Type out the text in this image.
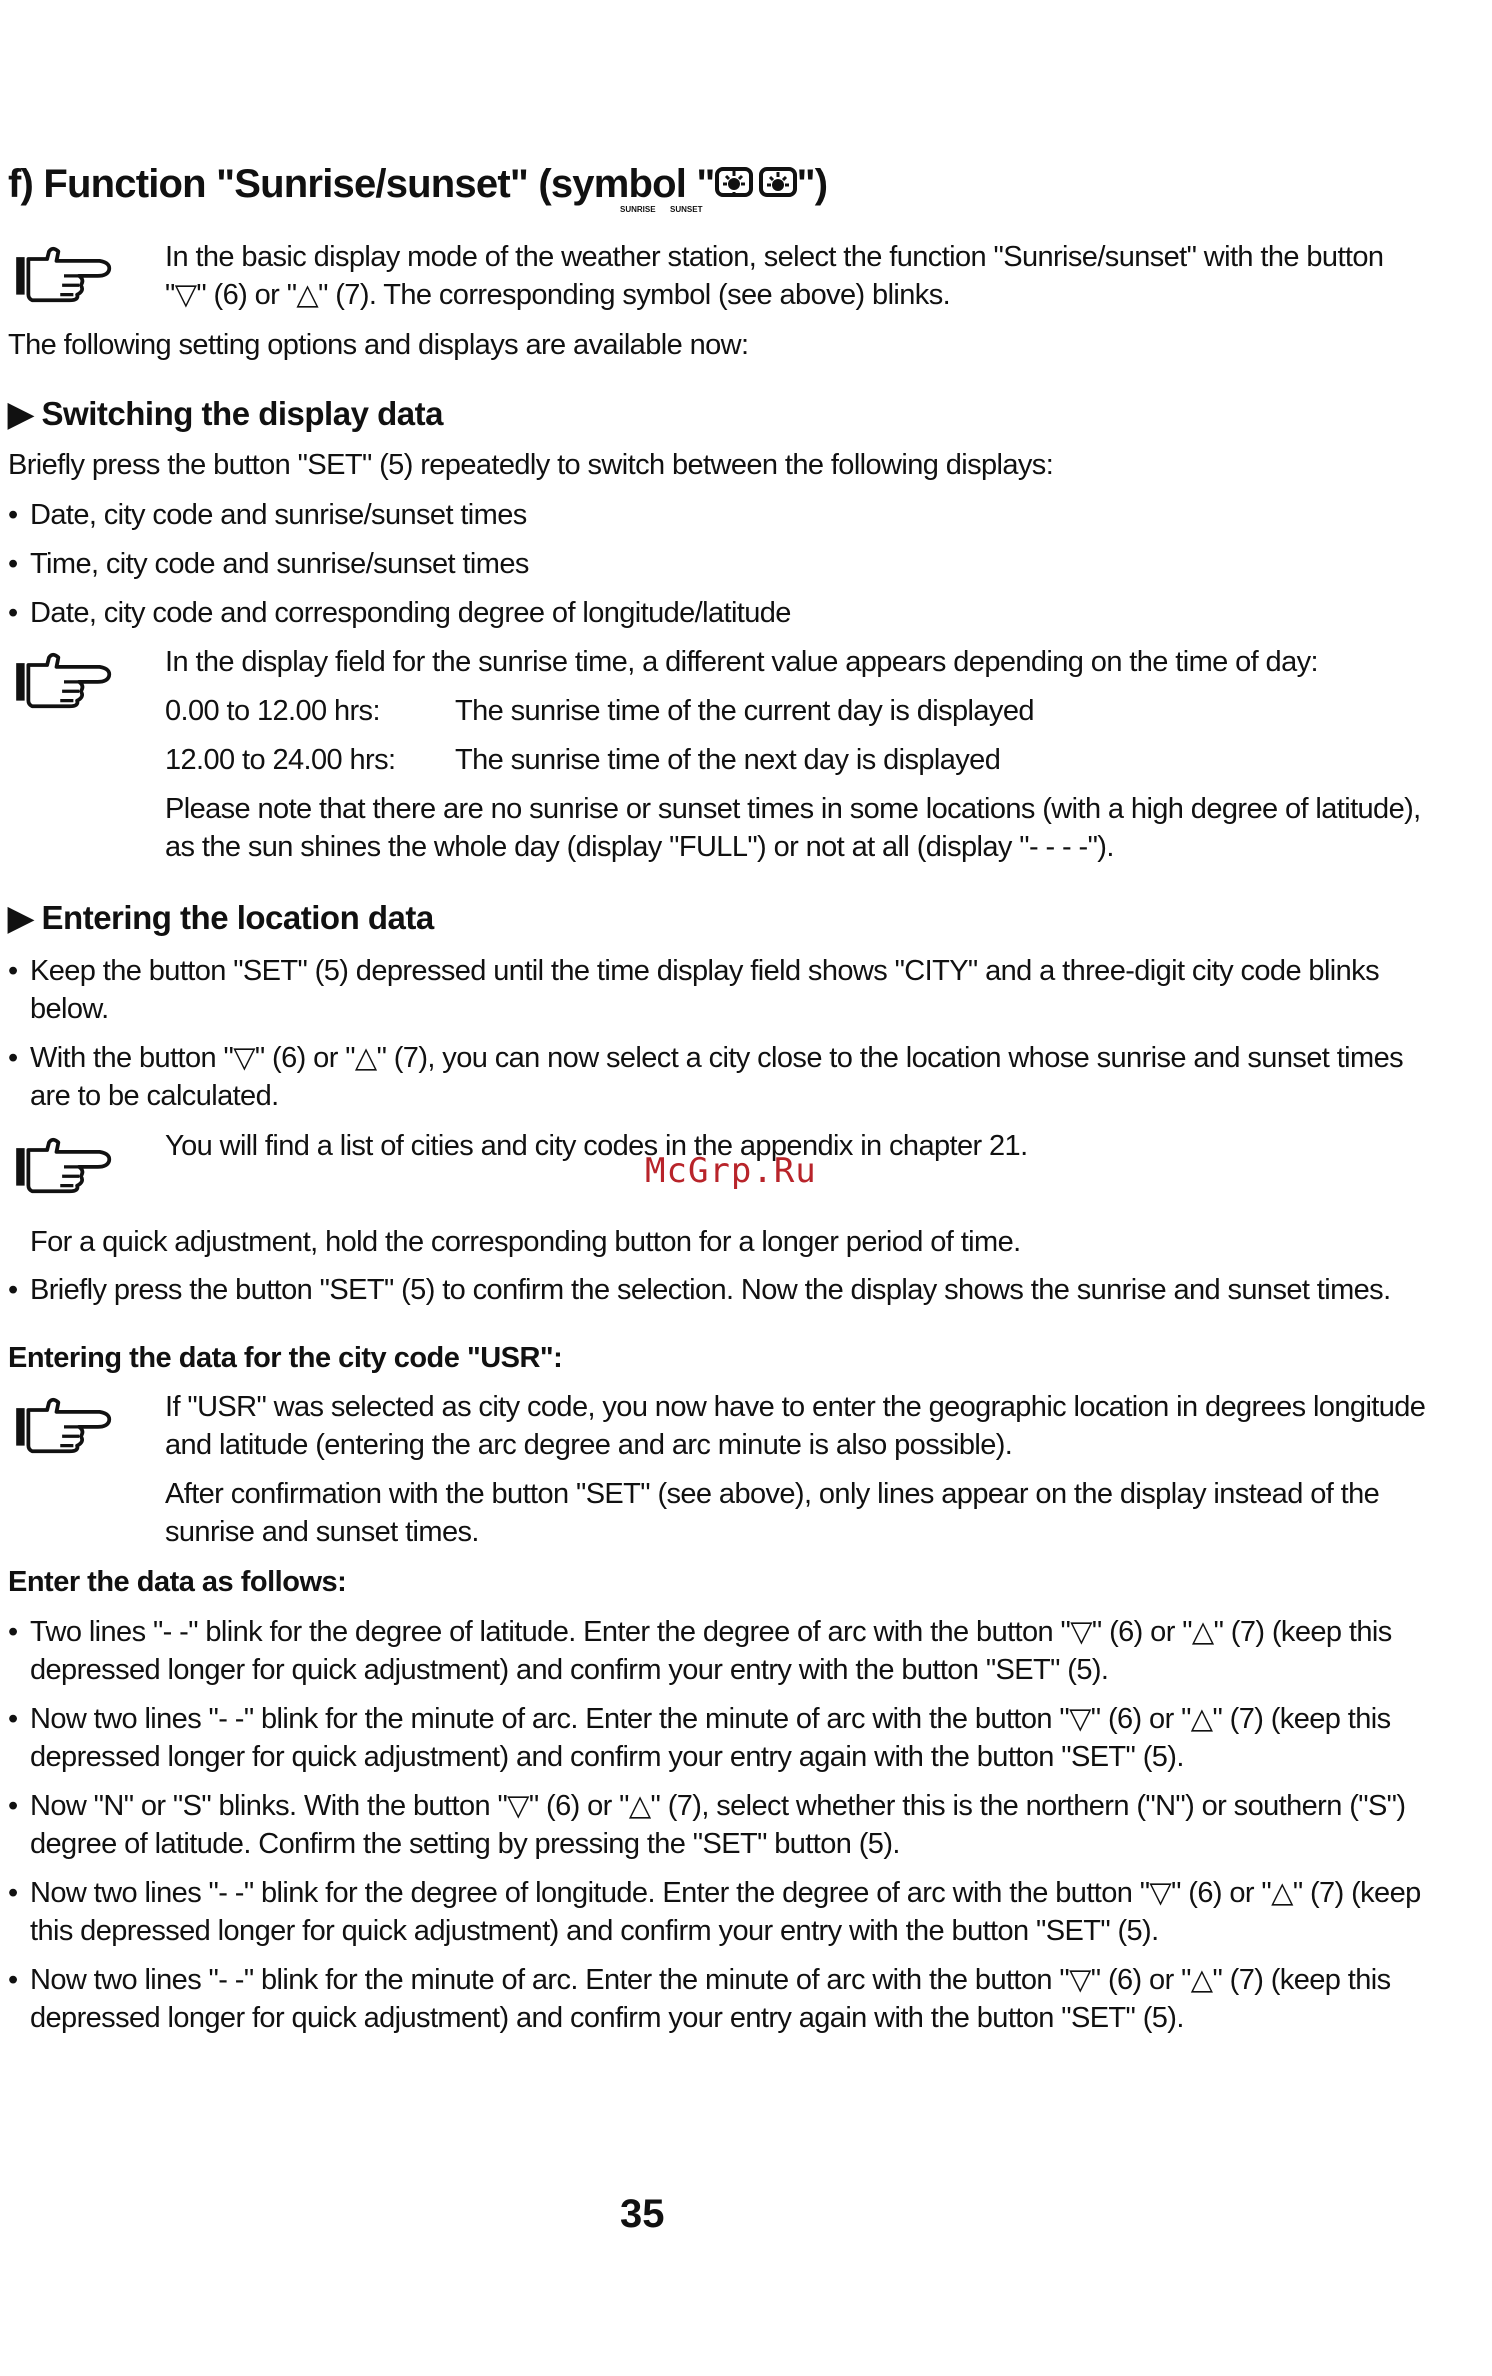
f) Function "Sunrise/sunset" (symbol " ")
SUNRISE SUNSET
In the basic display mode of the weather station, select the function "Sunrise/sunset" with the button
"▽" (6) or "△" (7). The corresponding symbol (see above) blinks.
The following setting options and displays are available now:
▶ Switching the display data
Briefly press the button "SET" (5) repeatedly to switch between the following displays:
• Date, city code and sunrise/sunset times
• Time, city code and sunrise/sunset times
• Date, city code and corresponding degree of longitude/latitude
In the display field for the sunrise time, a different value appears depending on the time of day:
0.00 to 12.00 hrs:	The sunrise time of the current day is displayed
12.00 to 24.00 hrs: The sunrise time of the next day is displayed
Please note that there are no sunrise or sunset times in some locations (with a high degree of latitude),
as the sun shines the whole day (display "FULL") or not at all (display "- - - -").
▶ Entering the location data
• Keep the button "SET" (5) depressed until the time display field shows "CITY" and a three-digit city code blinks
below.
• With the button "▽" (6) or "△" (7), you can now select a city close to the location whose sunrise and sunset times
are to be calculated.
You will find a list of cities and city codes in the appendix in chapter 21.
McGrp.Ru
For a quick adjustment, hold the corresponding button for a longer period of time.
• Briefly press the button "SET" (5) to confirm the selection. Now the display shows the sunrise and sunset times.
Entering the data for the city code "USR":
If "USR" was selected as city code, you now have to enter the geographic location in degrees longitude
and latitude (entering the arc degree and arc minute is also possible).
After confirmation with the button "SET" (see above), only lines appear on the display instead of the
sunrise and sunset times.
Enter the data as follows:
• Two lines "- -" blink for the degree of latitude. Enter the degree of arc with the button "▽" (6) or "△" (7) (keep this
depressed longer for quick adjustment) and confirm your entry with the button "SET" (5).
• Now two lines "- -" blink for the minute of arc. Enter the minute of arc with the button "▽" (6) or "△" (7) (keep this
depressed longer for quick adjustment) and confirm your entry again with the button "SET" (5).
• Now "N" or "S" blinks. With the button "▽" (6) or "△" (7), select whether this is the northern ("N") or southern ("S")
degree of latitude. Confirm the setting by pressing the "SET" button (5).
• Now two lines "- -" blink for the degree of longitude. Enter the degree of arc with the button "▽" (6) or "△" (7) (keep
this depressed longer for quick adjustment) and confirm your entry with the button "SET" (5).
• Now two lines "- -" blink for the minute of arc. Enter the minute of arc with the button "▽" (6) or "△" (7) (keep this
depressed longer for quick adjustment) and confirm your entry again with the button "SET" (5).
35
